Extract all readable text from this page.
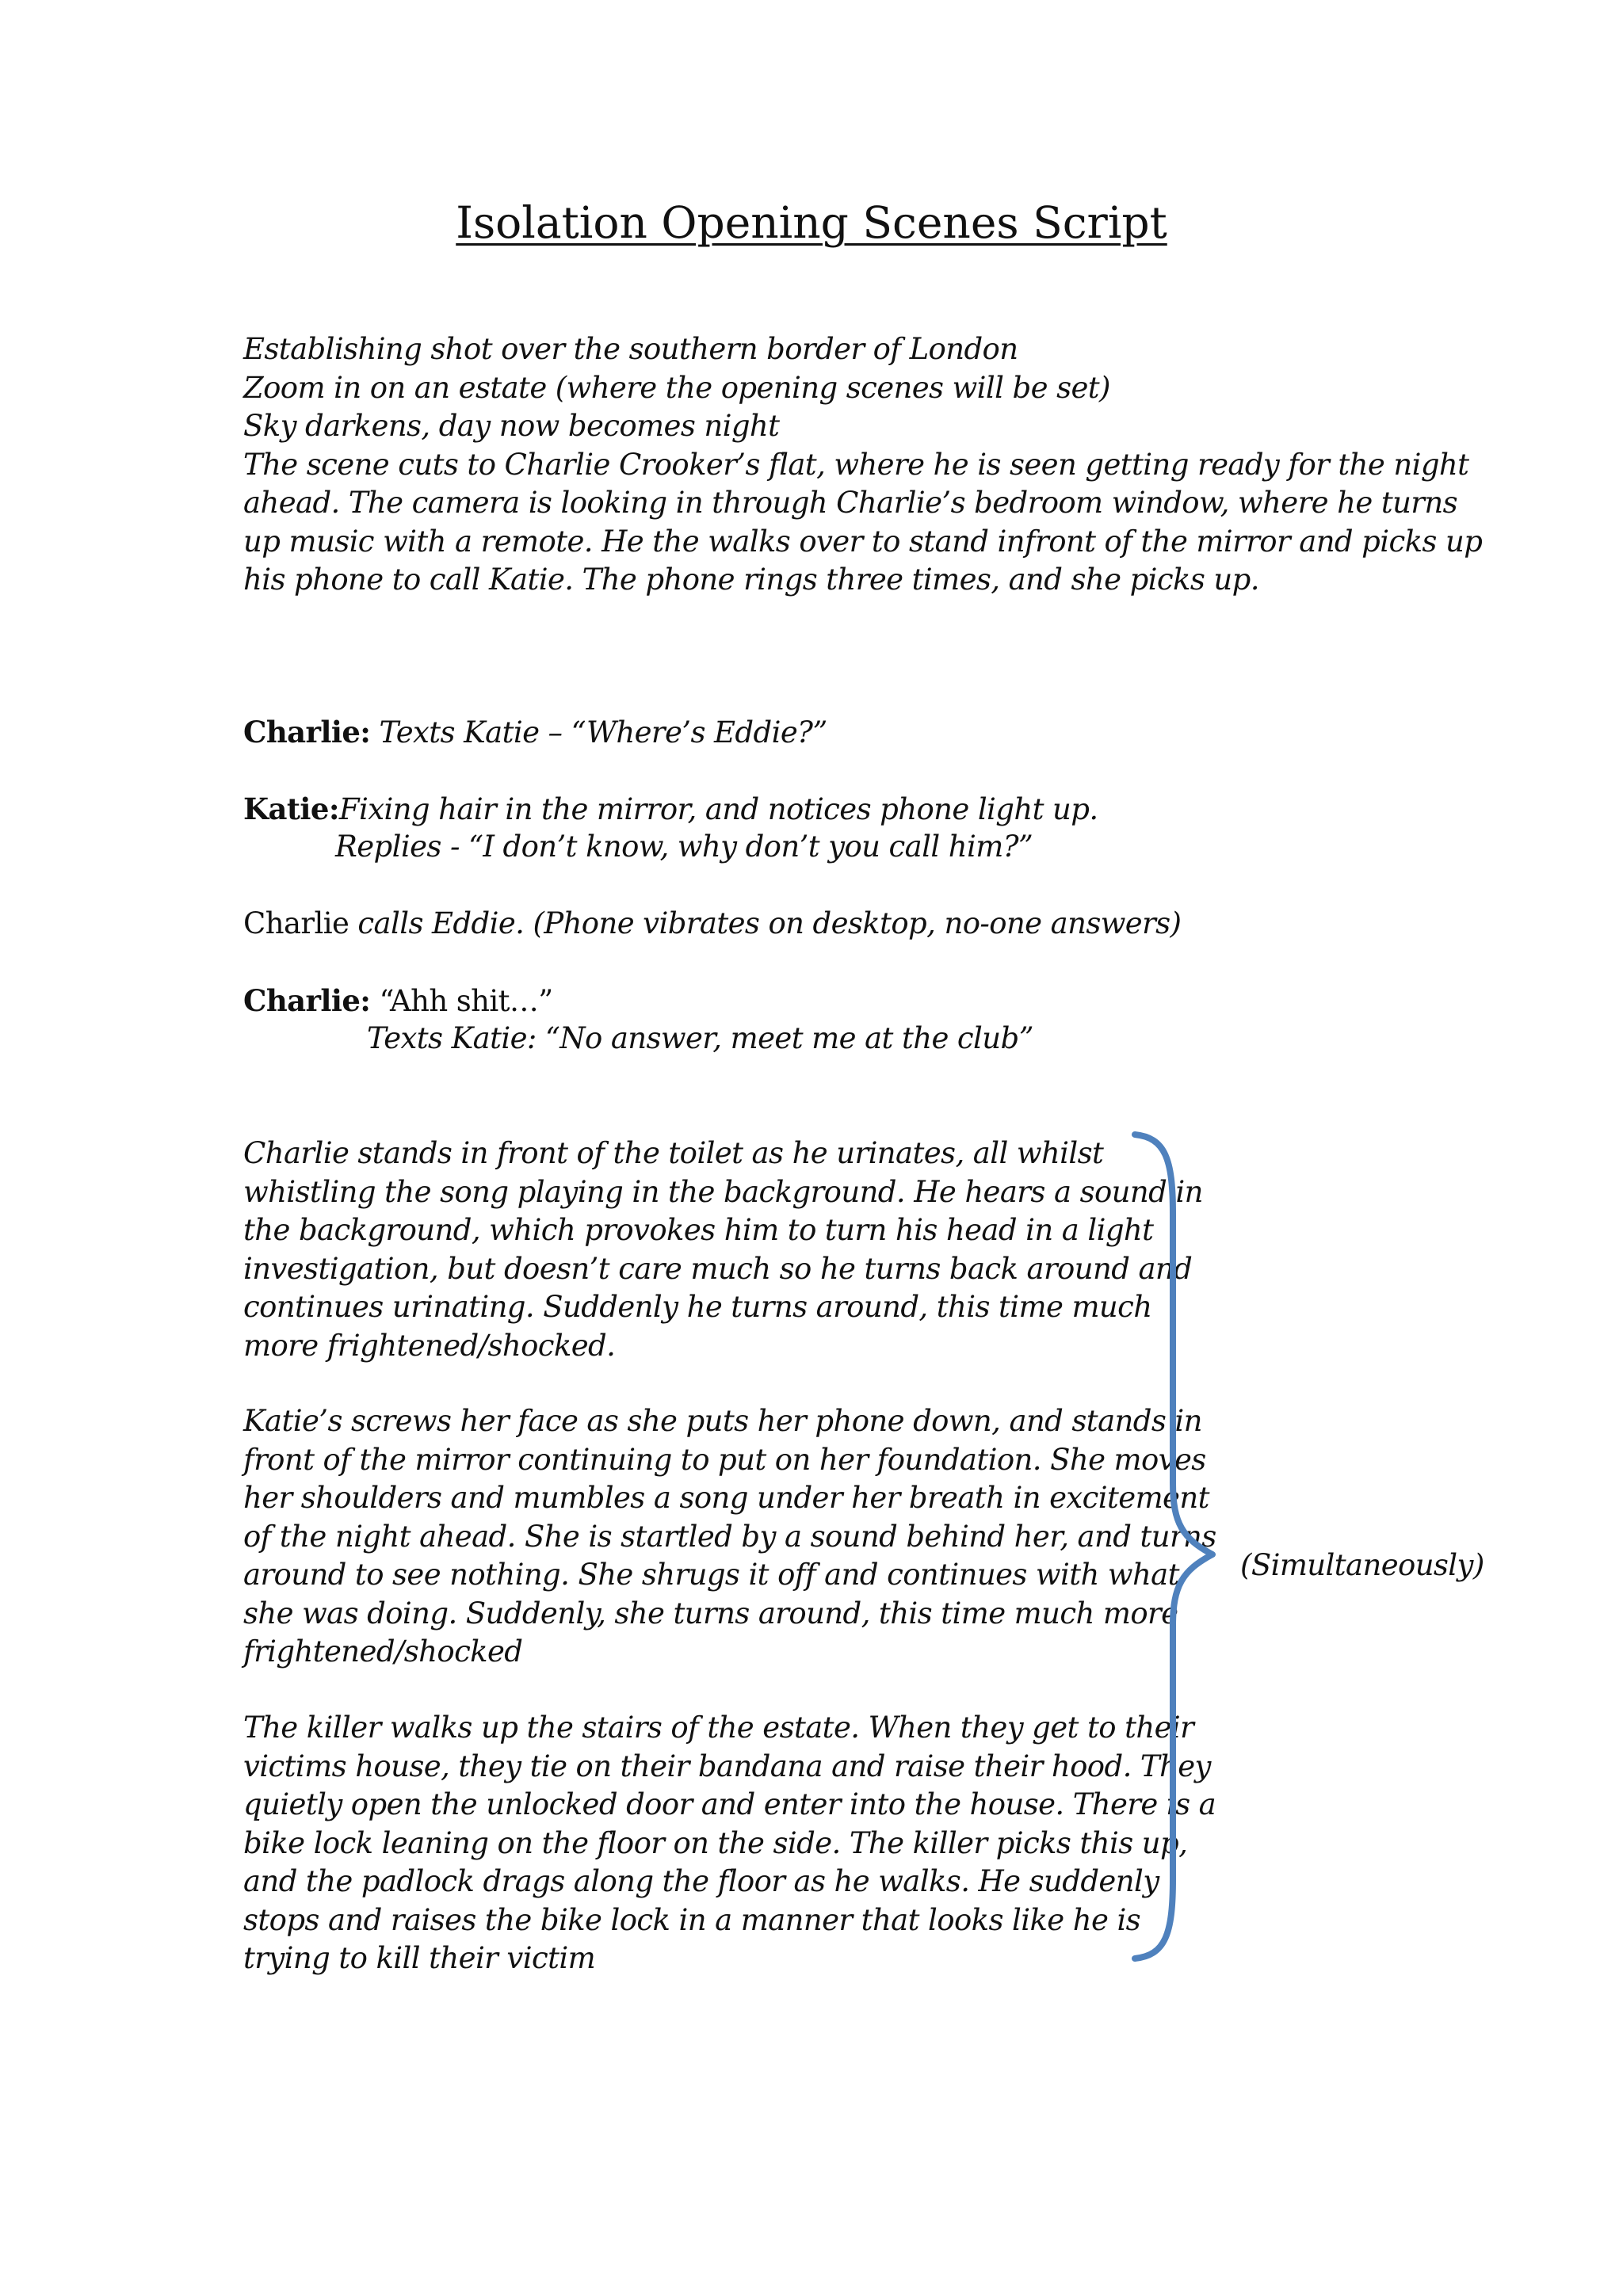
Isolation Opening Scenes Script
Establishing shot over the southern border of London
Zoom in on an estate (where the opening scenes will be set)
Sky darkens, day now becomes night
The scene cuts to Charlie Crooker’s flat, where he is seen getting ready for the night
ahead. The camera is looking in through Charlie’s bedroom window, where he turns
up music with a remote. He the walks over to stand infront of the mirror and picks up
his phone to call Katie. The phone rings three times, and she picks up.
Charlie: Texts Katie – “Where’s Eddie?”
Katie:Fixing hair in the mirror, and notices phone light up.
Replies - “I don’t know, why don’t you call him?”
Charlie calls Eddie. (Phone vibrates on desktop, no-one answers)
Charlie: “Ahh shit…”
Texts Katie: “No answer, meet me at the club”
Charlie stands in front of the toilet as he urinates, all whilst
whistling the song playing in the background. He hears a sound in
the background, which provokes him to turn his head in a light
investigation, but doesn’t care much so he turns back around and
continues urinating. Suddenly he turns around, this time much
more frightened/shocked.
Katie’s screws her face as she puts her phone down, and stands in
front of the mirror continuing to put on her foundation. She moves
her shoulders and mumbles a song under her breath in excitement
of the night ahead. She is startled by a sound behind her, and turns
around to see nothing. She shrugs it off and continues with what
she was doing. Suddenly, she turns around, this time much more
frightened/shocked
The killer walks up the stairs of the estate. When they get to their
victims house, they tie on their bandana and raise their hood. They
quietly open the unlocked door and enter into the house. There is a
bike lock leaning on the floor on the side. The killer picks this up,
and the padlock drags along the floor as he walks. He suddenly
stops and raises the bike lock in a manner that looks like he is
trying to kill their victim
(Simultaneously)
